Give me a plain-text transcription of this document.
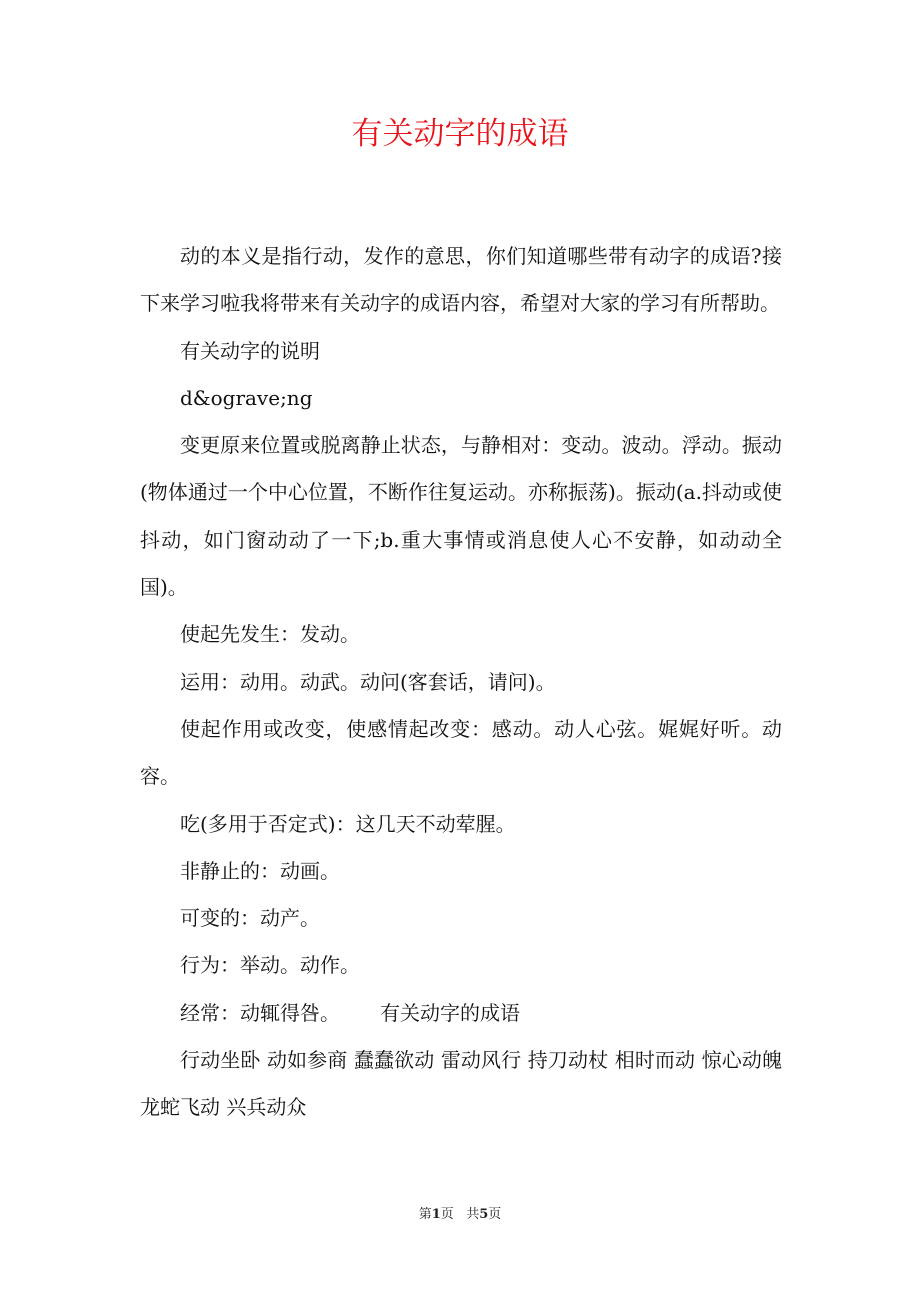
有关动字的成语

动的本义是指行动，发作的意思，你们知道哪些带有动字的成语?接下来学习啦我将带来有关动字的成语内容，希望对大家的学习有所帮助。

有关动字的说明

d&ograve;ng

变更原来位置或脱离静止状态，与静相对：变动。波动。浮动。振动(物体通过一个中心位置，不断作往复运动。亦称振荡)。振动(a.抖动或使抖动，如门窗动动了一下;b.重大事情或消息使人心不安静，如动动全国)。

使起先发生：发动。

运用：动用。动武。动问(客套话，请问)。

使起作用或改变，使感情起改变：感动。动人心弦。娓娓好听。动容。

吃(多用于否定式)：这几天不动荤腥。

非静止的：动画。

可变的：动产。

行为：举动。动作。

经常：动辄得咎。 有关动字的成语

行动坐卧 动如参商 蠢蠢欲动 雷动风行 持刀动杖 相时而动 惊心动魄 龙蛇飞动 兴兵动众

第1页 共5页
